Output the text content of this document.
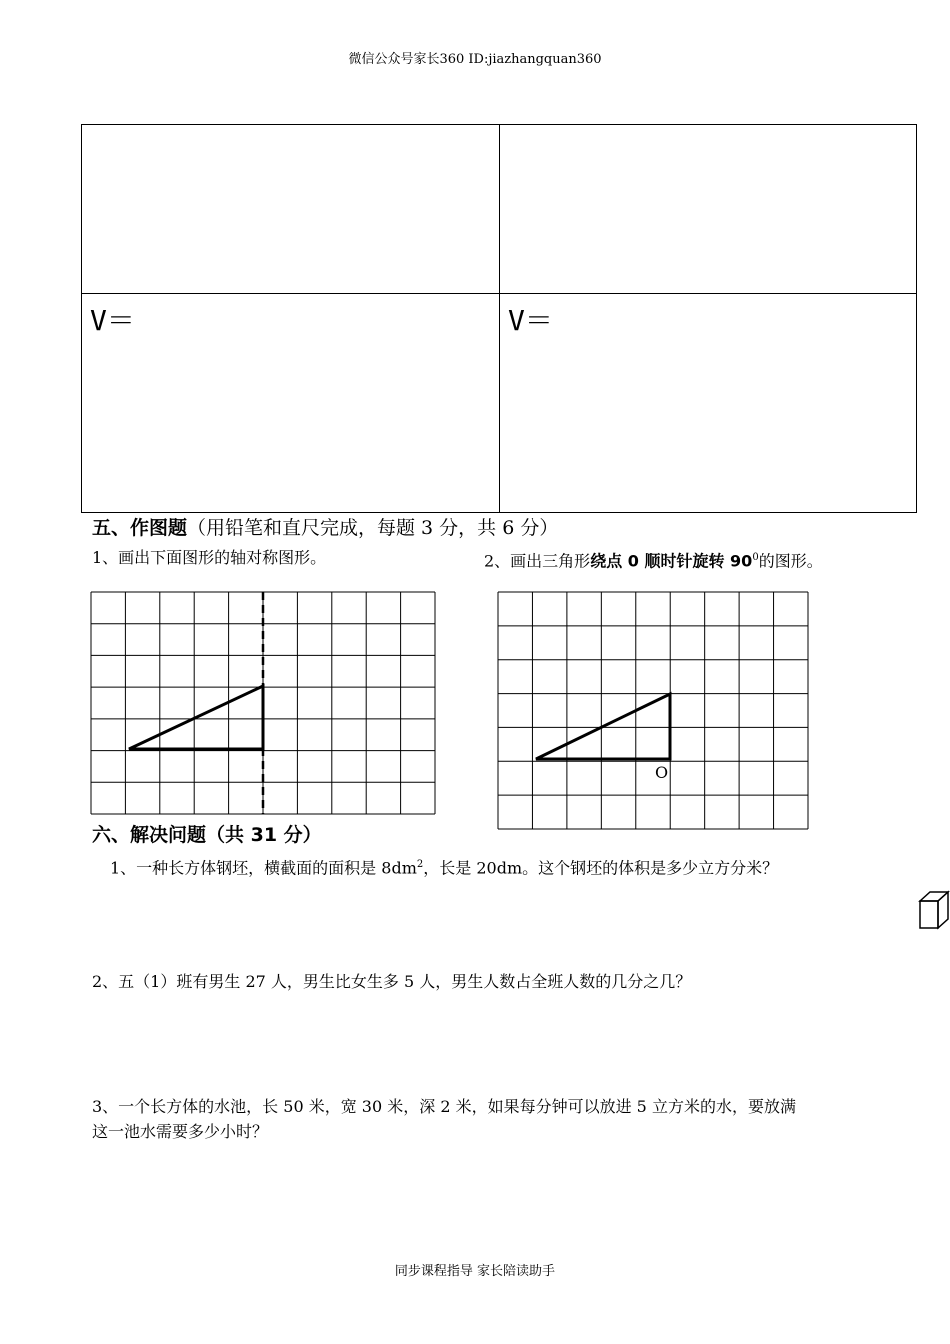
微信公众号家长360 ID:jiazhangquan360
V＝	V＝
五、作图题（用铅笔和直尺完成，每题 3 分，共 6 分）
1、画出下面图形的轴对称图形。	2、画出三角形绕点 0 顺时针旋转 $90^0$的图形。
O
六、解决问题（共 31 分）
1、一种长方体钢坯，横截面的面积是 $8dm^2$，长是 20dm。这个钢坯的体积是多少立方分米？
2、五（1）班有男生 27 人，男生比女生多 5 人，男生人数占全班人数的几分之几？
3、一个长方体的水池，长 50 米，宽 30 米，深 2 米，如果每分钟可以放进 5 立方米的水，要放满
这一池水需要多少小时？
同步课程指导 家长陪读助手
